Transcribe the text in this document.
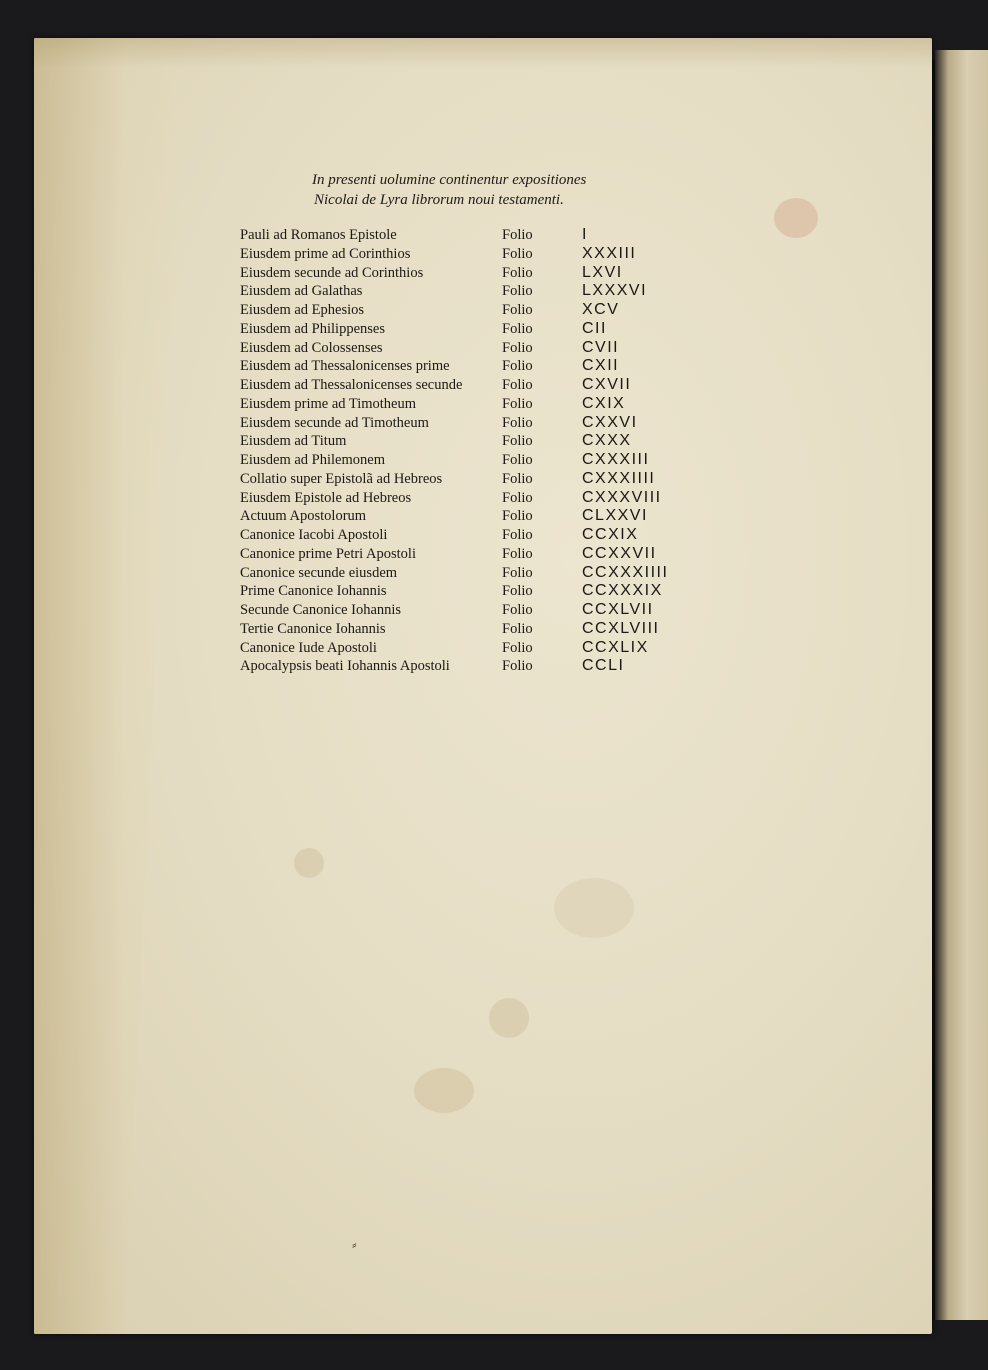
In presenti uolumine continentur expositiones
Nicolai de Lyra librorum noui testamenti.
Pauli ad Romanos Epistole	Folio	I
Eiusdem prime ad Corinthios	Folio	XXXIII
Eiusdem secunde ad Corinthios	Folio	LXVI
Eiusdem ad Galathas	Folio	LXXXVI
Eiusdem ad Ephesios	Folio	XCV
Eiusdem ad Philippenses	Folio	CII
Eiusdem ad Colossenses	Folio	CVII
Eiusdem ad Thessalonicenses prime	Folio	CXII
Eiusdem ad Thessalonicenses secunde	Folio	CXVII
Eiusdem prime ad Timotheum	Folio	CXIX
Eiusdem secunde ad Timotheum	Folio	CXXVI
Eiusdem ad Titum	Folio	CXXX
Eiusdem ad Philemonem	Folio	CXXXIII
Collatio super Epistolã ad Hebreos	Folio	CXXXIIII
Eiusdem Epistole ad Hebreos	Folio	CXXXVIII
Actuum Apostolorum	Folio	CLXXVI
Canonice Iacobi Apostoli	Folio	CCXIX
Canonice prime Petri Apostoli	Folio	CCXXVII
Canonice secunde eiusdem	Folio	CCXXXIIII
Prime Canonice Iohannis	Folio	CCXXXIX
Secunde Canonice Iohannis	Folio	CCXLVII
Tertie Canonice Iohannis	Folio	CCXLVIII
Canonice Iude Apostoli	Folio	CCXLIX
Apocalypsis beati Iohannis Apostoli	Folio	CCLI
⸗
